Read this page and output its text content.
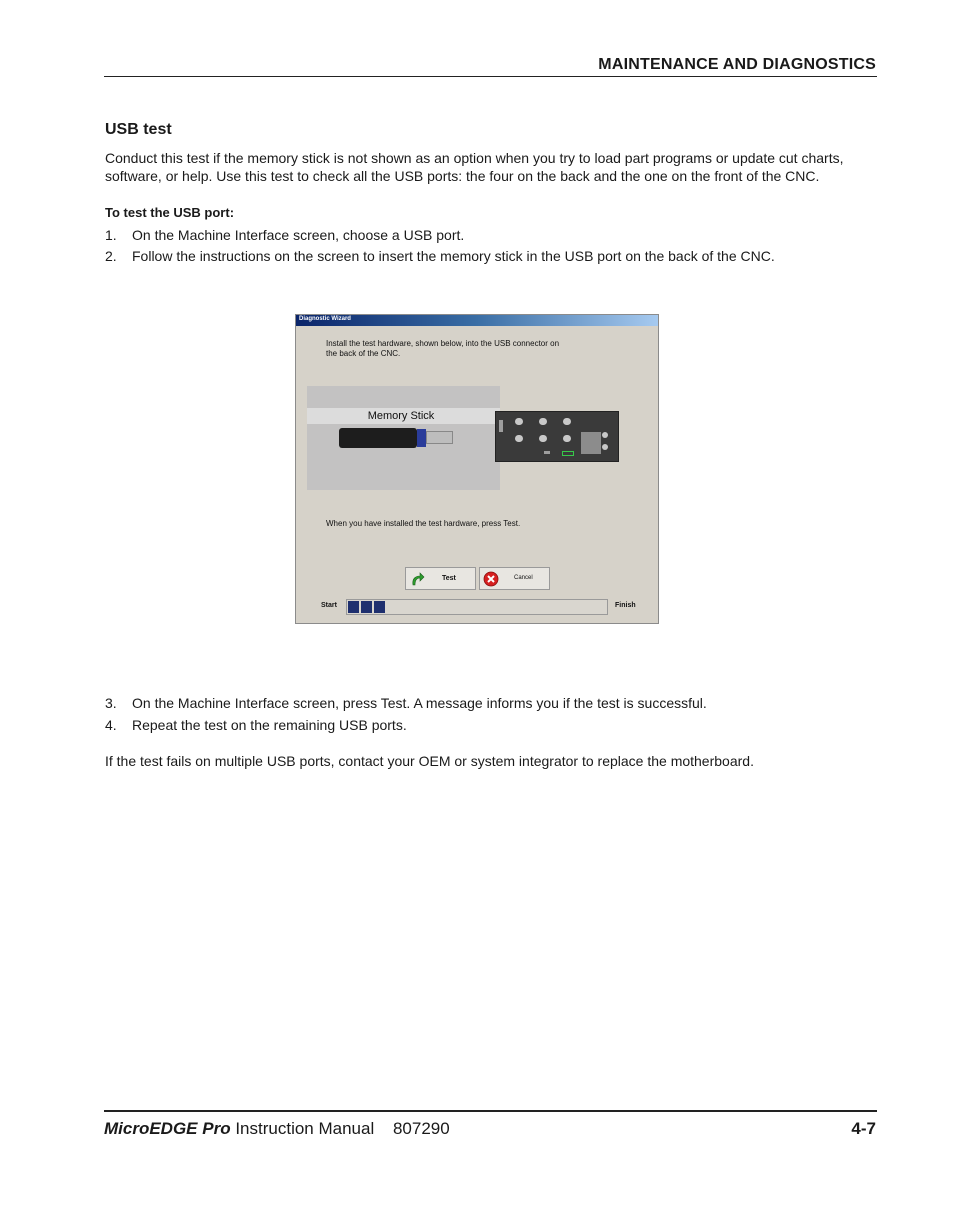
MAINTENANCE AND DIAGNOSTICS
USB test
Conduct this test if the memory stick is not shown as an option when you try to load part programs or update cut charts, software, or help. Use this test to check all the USB ports: the four on the back and the one on the front of the CNC.
To test the USB port:
1. On the Machine Interface screen, choose a USB port.
2. Follow the instructions on the screen to insert the memory stick in the USB port on the back of the CNC.
Diagnostic Wizard
Install the test hardware, shown below, into the USB connector on
the back of the CNC.
Memory Stick
When you have installed the test hardware, press Test.
Test	Cancel
Start	Finish
3. On the Machine Interface screen, press Test. A message informs you if the test is successful.
4. Repeat the test on the remaining USB ports.
If the test fails on multiple USB ports, contact your OEM or system integrator to replace the motherboard.
MicroEDGE Pro Instruction Manual 807290	4-7
